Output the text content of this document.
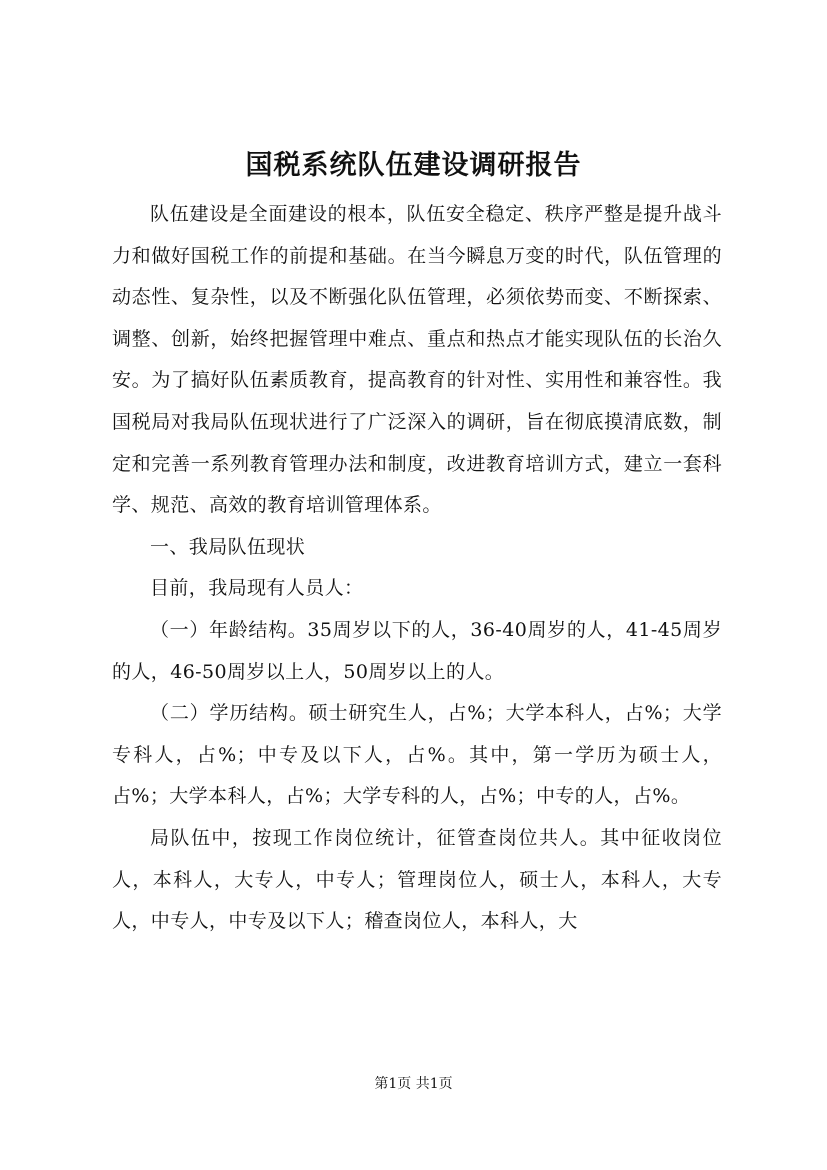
国税系统队伍建设调研报告

队伍建设是全面建设的根本，队伍安全稳定、秩序严整是提升战斗力和做好国税工作的前提和基础。在当今瞬息万变的时代，队伍管理的动态性、复杂性，以及不断强化队伍管理，必须依势而变、不断探索、调整、创新，始终把握管理中难点、重点和热点才能实现队伍的长治久安。为了搞好队伍素质教育，提高教育的针对性、实用性和兼容性。我国税局对我局队伍现状进行了广泛深入的调研，旨在彻底摸清底数，制定和完善一系列教育管理办法和制度，改进教育培训方式，建立一套科学、规范、高效的教育培训管理体系。

一、我局队伍现状

目前，我局现有人员人：

（一）年龄结构。35周岁以下的人，36-40周岁的人，41-45周岁的人，46-50周岁以上人，50周岁以上的人。

（二）学历结构。硕士研究生人，占%；大学本科人，占%；大学专科人，占%；中专及以下人，占%。其中，第一学历为硕士人，占%；大学本科人，占%；大学专科的人，占%；中专的人，占%。

局队伍中，按现工作岗位统计，征管查岗位共人。其中征收岗位人，本科人，大专人，中专人；管理岗位人，硕士人，本科人，大专人，中专人，中专及以下人；稽查岗位人，本科人，大

第1页 共1页
